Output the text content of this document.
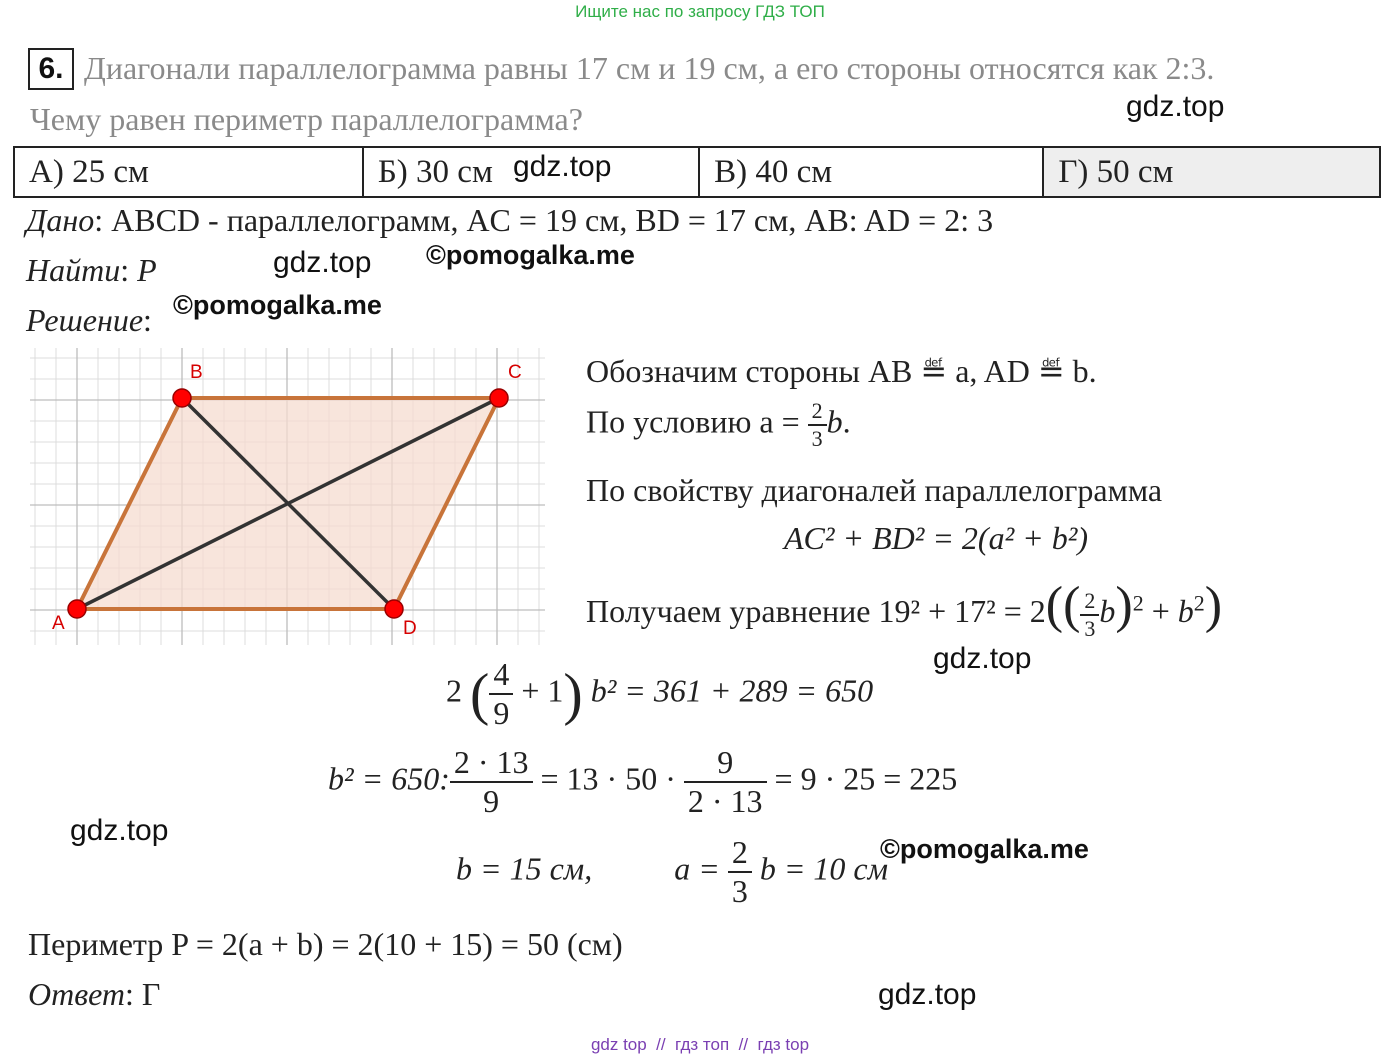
Ищите нас по запросу ГДЗ ТОП
6. Диагонали параллелограмма равны 17 см и 19 см, а его стороны относятся как 2:3.
Чему равен периметр параллелограмма?
А) 25 см	Б) 30 см	В) 40 см	Г) 50 см
Дано: ABCD - параллелограмм, AC = 19 см, BD = 17 см, AB: AD = 2: 3
Найти: P
Решение:
A
B	C
D
Обозначим стороны AB ≝ a, AD ≝ b.
По условию $a = \frac{2}{3} b$.
По свойству диагоналей параллелограмма
AC² + BD² = 2(a² + b²)
Получаем уравнение $19^2 + 17^2 = 2(( \frac{2}{3} b)^2 + b^2)$
2 ( $\frac{4}{9} + 1$) b² = 361 + 289 = 650
b² = 650: $\frac{2 \cdot 13}{9} = 13 \cdot 50 \cdot \frac{9}{2 \cdot 13} = 9 \cdot 25 = 225$
b = 15 см,	$a = \frac{2}{3}$ b = 10 см
Периметр P = 2(a + b) = 2(10 + 15) = 50 (см)
Ответ: Г
gdz.top
gdz.top
gdz.top ©pomogalka.me
©pomogalka.me
gdz.top
gdz.top
©pomogalka.me
gdz.top
gdz top  //  гдз топ  //  гдз top
